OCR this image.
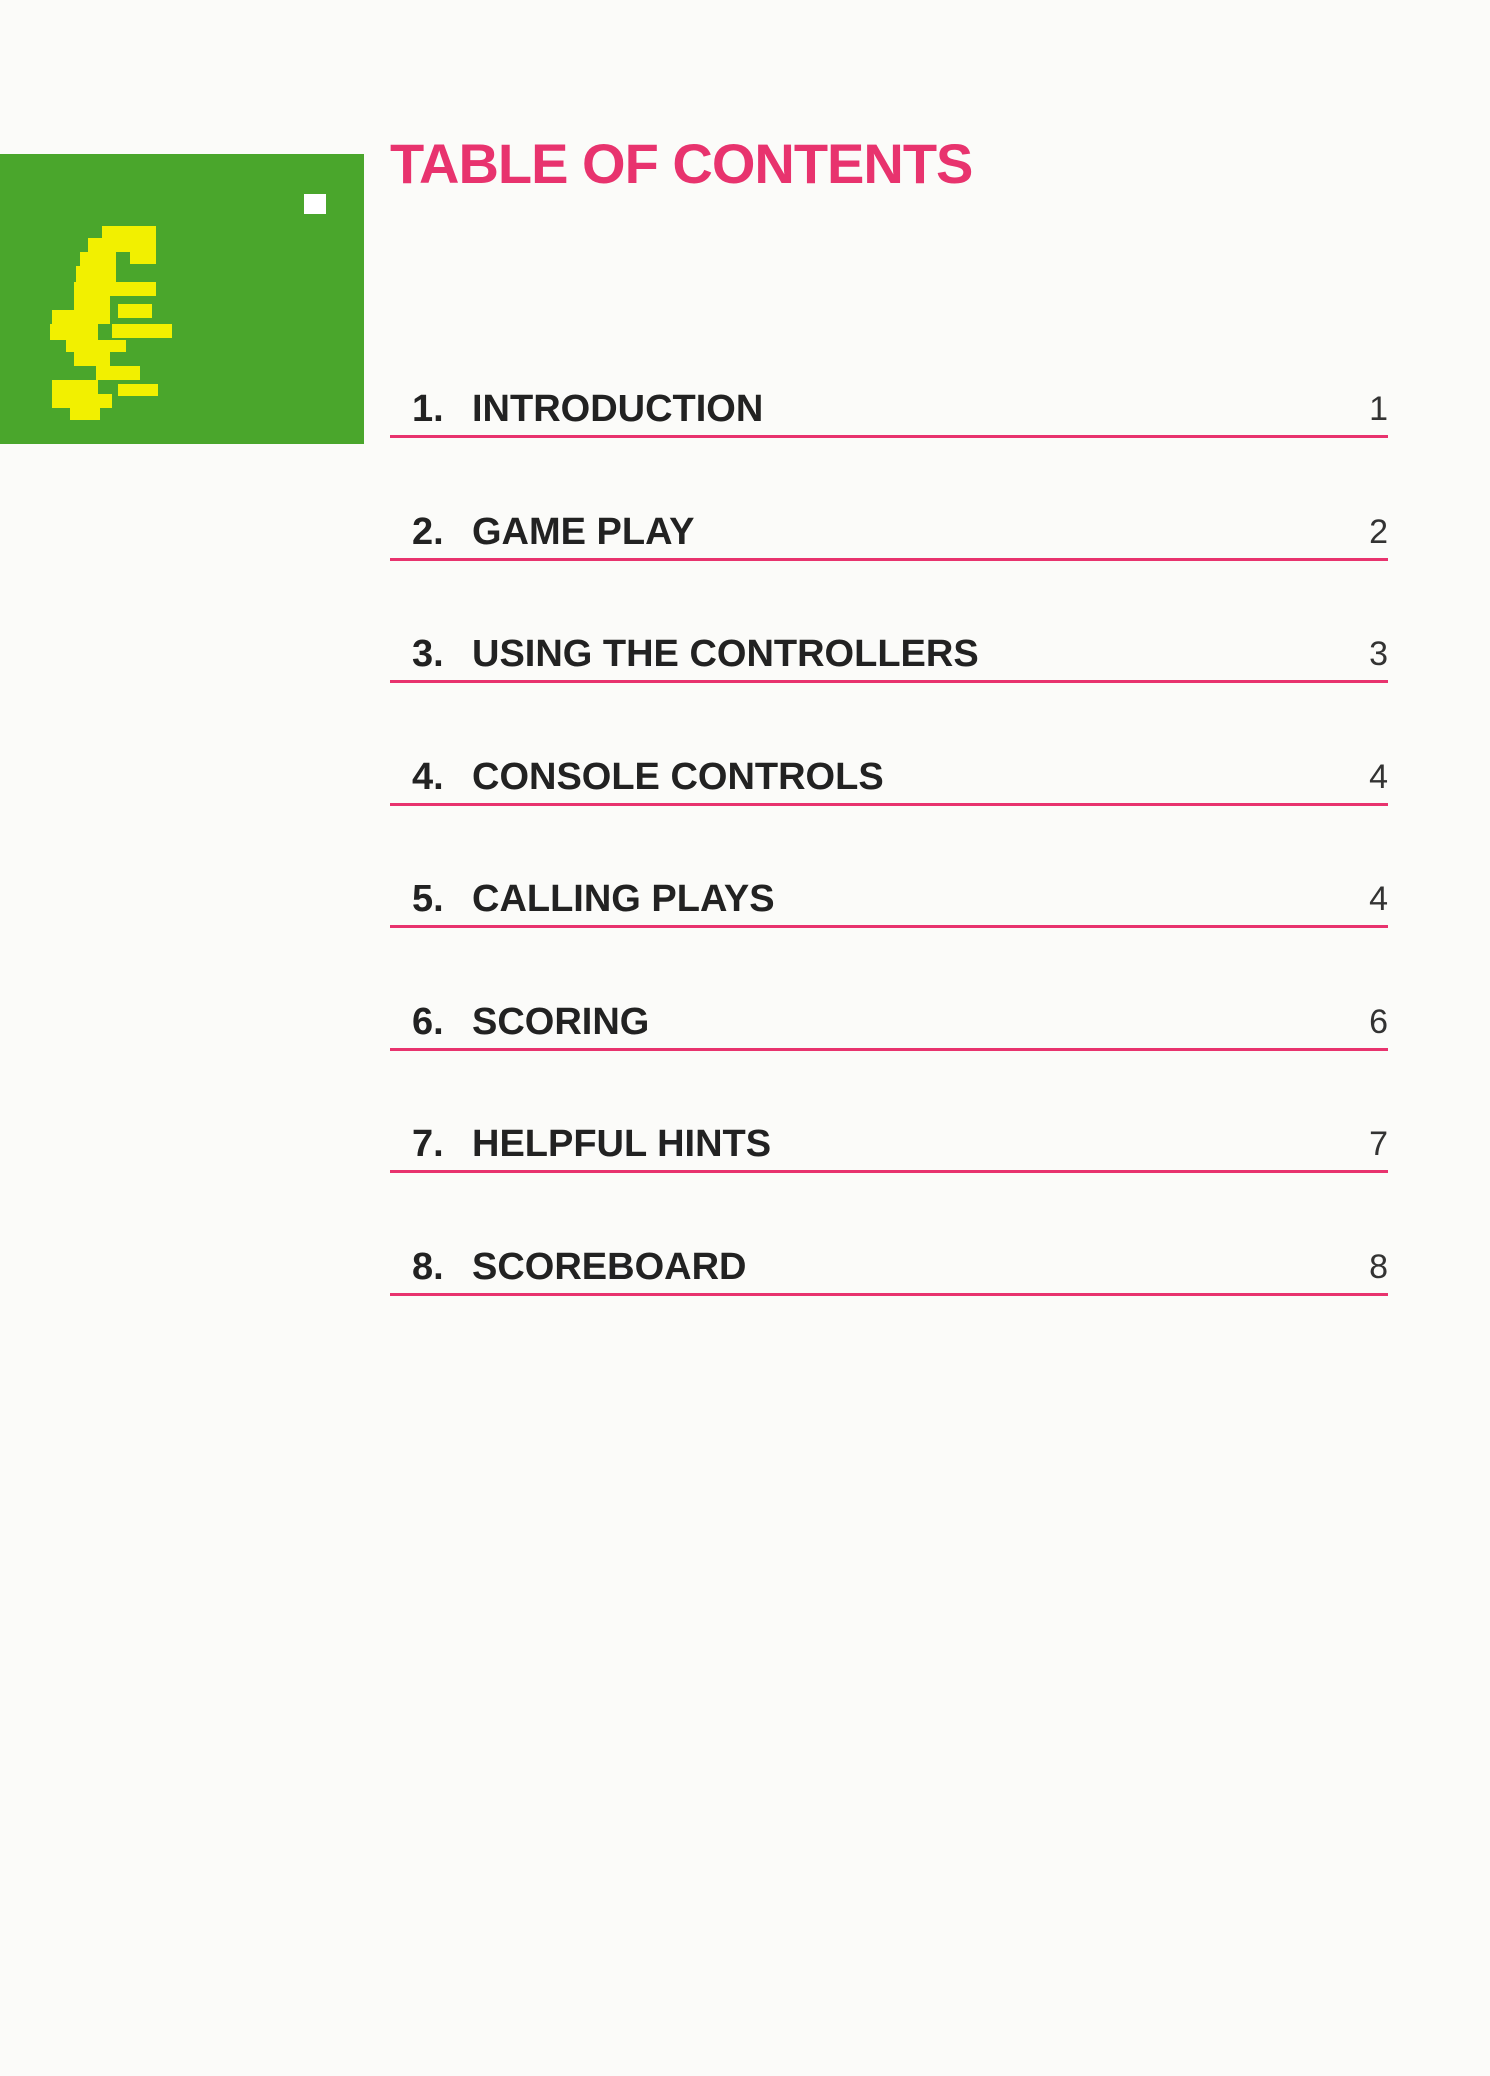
TABLE OF CONTENTS
1. INTRODUCTION	1
2. GAME PLAY	2
3. USING THE CONTROLLERS	3
4. CONSOLE CONTROLS	4
5. CALLING PLAYS	4
6. SCORING	6
7. HELPFUL HINTS	7
8. SCOREBOARD	8
